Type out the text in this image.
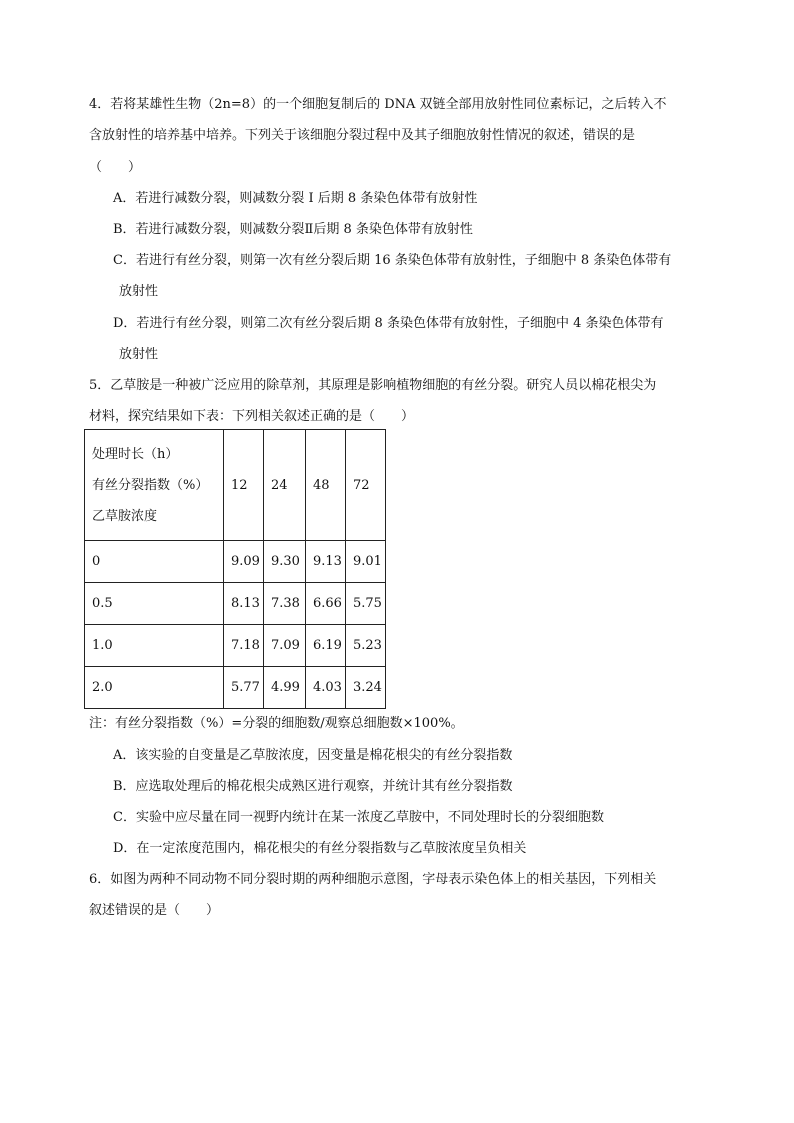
4．若将某雄性生物（2n=8）的一个细胞复制后的 DNA 双链全部用放射性同位素标记，之后转入不
含放射性的培养基中培养。下列关于该细胞分裂过程中及其子细胞放射性情况的叙述，错误的是
（　　）
A．若进行减数分裂，则减数分裂 I 后期 8 条染色体带有放射性
B．若进行减数分裂，则减数分裂Ⅱ后期 8 条染色体带有放射性
C．若进行有丝分裂，则第一次有丝分裂后期 16 条染色体带有放射性，子细胞中 8 条染色体带有
放射性
D．若进行有丝分裂，则第二次有丝分裂后期 8 条染色体带有放射性，子细胞中 4 条染色体带有
放射性
5．乙草胺是一种被广泛应用的除草剂，其原理是影响植物细胞的有丝分裂。研究人员以棉花根尖为
材料，探究结果如下表：下列相关叙述正确的是（　　）
处理时长（h）
有丝分裂指数（%）
乙草胺浓度	12	24	48	72
0	9.09	9.30	9.13	9.01
0.5	8.13	7.38	6.66	5.75
1.0	7.18	7.09	6.19	5.23
2.0	5.77	4.99	4.03	3.24
注：有丝分裂指数（%）=分裂的细胞数/观察总细胞数×100%。
A．该实验的自变量是乙草胺浓度，因变量是棉花根尖的有丝分裂指数
B．应选取处理后的棉花根尖成熟区进行观察，并统计其有丝分裂指数
C．实验中应尽量在同一视野内统计在某一浓度乙草胺中，不同处理时长的分裂细胞数
D．在一定浓度范围内，棉花根尖的有丝分裂指数与乙草胺浓度呈负相关
6．如图为两种不同动物不同分裂时期的两种细胞示意图，字母表示染色体上的相关基因，下列相关
叙述错误的是（　　）
